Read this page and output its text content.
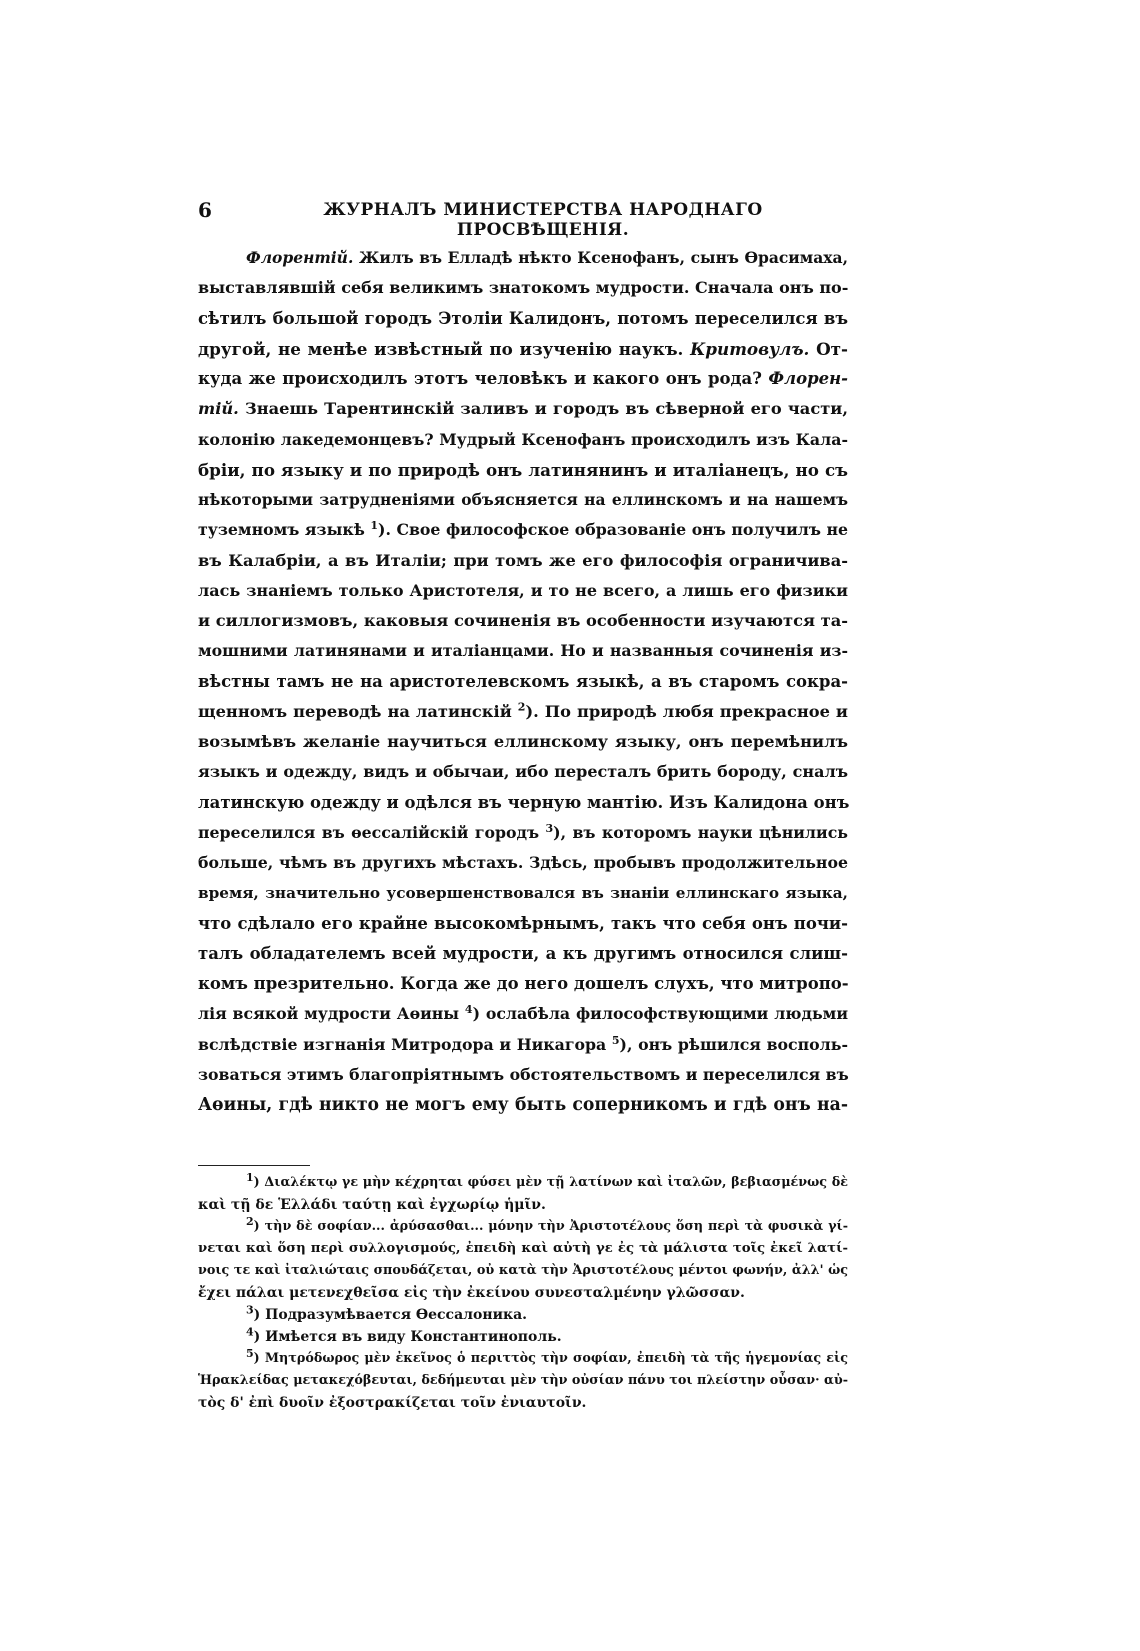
6	ЖУРНАЛЪ МИНИСТЕРСТВА НАРОДНАГО ПРОСВѢЩЕНІЯ.
Флорентій. Жилъ въ Елладѣ нѣкто Ксенофанъ, сынъ Өрасимаха,
выставлявшій себя великимъ знатокомъ мудрости. Сначала онъ по-
сѣтилъ большой городъ Этоліи Калидонъ, потомъ переселился въ
другой, не менѣе извѣстный по изученію наукъ. Критовулъ. От-
куда же происходилъ этотъ человѣкъ и какого онъ рода? Флорен-
тій. Знаешь Тарентинскій заливъ и городъ въ сѣверной его части,
колонію лакедемонцевъ? Мудрый Ксенофанъ происходилъ изъ Кала-
бріи, по языку и по природѣ онъ латинянинъ и италіанецъ, но съ
нѣкоторыми затрудненіями объясняется на еллинскомъ и на нашемъ
туземномъ языкѣ $^1$). Свое философское образованіе онъ получилъ не
въ Калабріи, а въ Италіи; при томъ же его философія ограничива-
лась знаніемъ только Аристотеля, и то не всего, а лишь его физики
и силлогизмовъ, каковыя сочиненія въ особенности изучаются та-
мошними латинянами и италіанцами. Но и названныя сочиненія из-
вѣстны тамъ не на аристотелевскомъ языкѣ, а въ старомъ сокра-
щенномъ переводѣ на латинскій $^2$). По природѣ любя прекрасное и
возымѣвъ желаніе научиться еллинскому языку, онъ перемѣнилъ
языкъ и одежду, видъ и обычаи, ибо пересталъ брить бороду, сналъ
латинскую одежду и одѣлся въ черную мантію. Изъ Калидона онъ
переселился въ өессалійскій городъ $^3$), въ которомъ науки цѣнились
больше, чѣмъ въ другихъ мѣстахъ. Здѣсь, пробывъ продолжительное
время, значительно усовершенствовался въ знаніи еллинскаго языка,
что сдѣлало его крайне высокомѣрнымъ, такъ что себя онъ почи-
талъ обладателемъ всей мудрости, а къ другимъ относился слиш-
комъ презрительно. Когда же до него дошелъ слухъ, что митропо-
лія всякой мудрости Аөины $^4$) ослабѣла философствующими людьми
вслѣдствіе изгнанія Митродора и Никагора $^5$), онъ рѣшился восполь-
зоваться этимъ благопріятнымъ обстоятельствомъ и переселился въ
Аөины, гдѣ никто не могъ ему быть соперникомъ и гдѣ онъ на-
$^1$) Διαλέκτῳ γε μὴν κέχρηται φύσει μὲν τῇ λατίνων καὶ ἰταλῶν, βεβιασμένως δὲ
καὶ τῇ δε Ἑλλάδι ταύτῃ καὶ ἐγχωρίῳ ἡμῖν.
$^2$) τὴν δὲ σοφίαν... ἀρύσασθαι... μόνην τὴν Ἀριστοτέλους ὅση περὶ τὰ φυσικὰ γί-
νεται καὶ ὅση περὶ συλλογισμούς, ἐπειδὴ καὶ αὐτὴ γε ἐς τὰ μάλιστα τοῖς ἐκεῖ λατί-
νοις τε καὶ ἰταλιώταις σπουδάζεται, οὐ κατὰ τὴν Ἀριστοτέλους μέντοι φωνήν, ἀλλ' ὡς
ἔχει πάλαι μετενεχθεῖσα εἰς τὴν ἐκείνου συνεσταλμένην γλῶσσαν.
$^3$) Подразумѣвается Өессалоника.
$^4$) Имѣется въ виду Константинополь.
$^5$) Μητρόδωρος μὲν ἐκεῖνος ὁ περιττὸς τὴν σοφίαν, ἐπειδὴ τὰ τῆς ἡγεμονίας εἰς
Ἡρακλείδας μετακεχόβευται, δεδήμευται μὲν τὴν οὐσίαν πάνυ τοι πλείστην οὖσαν· αὐ-
τὸς δ' ἐπὶ δυοῖν ἐξοστρακίζεται τοῖν ἐνιαυτοῖν.
